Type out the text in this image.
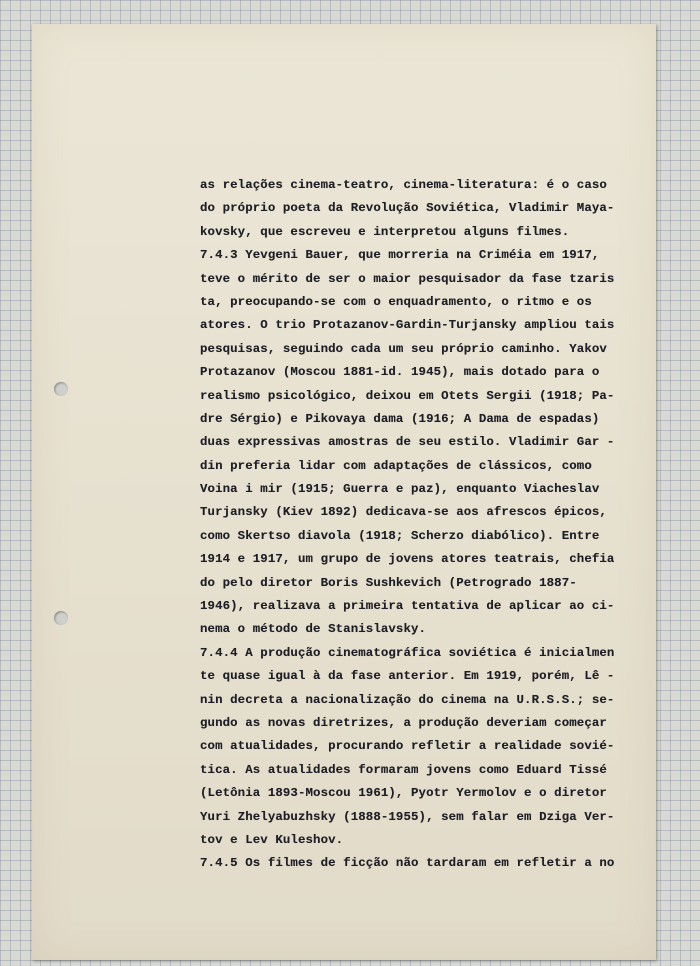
as relações cinema-teatro, cinema-literatura: é o caso
do próprio poeta da Revolução Soviética, Vladimir Maya-
kovsky, que escreveu e interpretou alguns filmes.
7.4.3 Yevgeni Bauer, que morreria na Criméia em 1917,
teve o mérito de ser o maior pesquisador da fase tzaris
ta, preocupando-se com o enquadramento, o ritmo e os
atores. O trio Protazanov-Gardin-Turjansky ampliou tais
pesquisas, seguindo cada um seu próprio caminho. Yakov
Protazanov (Moscou 1881-id. 1945), mais dotado para o
realismo psicológico, deixou em Otets Sergii (1918; Pa-
dre Sérgio) e Pikovaya dama (1916; A Dama de espadas)
duas expressivas amostras de seu estilo. Vladimir Gar -
din preferia lidar com adaptações de clássicos, como
Voina i mir (1915; Guerra e paz), enquanto Viacheslav
Turjansky (Kiev 1892) dedicava-se aos afrescos épicos,
como Skertso diavola (1918; Scherzo diabólico). Entre
1914 e 1917, um grupo de jovens atores teatrais, chefia
do pelo diretor Boris Sushkevich (Petrogrado 1887-
1946), realizava a primeira tentativa de aplicar ao ci-
nema o método de Stanislavsky.
7.4.4 A produção cinematográfica soviética é inicialmen
te quase igual à da fase anterior. Em 1919, porém, Lê -
nin decreta a nacionalização do cinema na U.R.S.S.; se-
gundo as novas diretrizes, a produção deveriam começar
com atualidades, procurando refletir a realidade sovié-
tica. As atualidades formaram jovens como Eduard Tissé
(Letônia 1893-Moscou 1961), Pyotr Yermolov e o diretor
Yuri Zhelyabuzhsky (1888-1955), sem falar em Dziga Ver-
tov e Lev Kuleshov.
7.4.5 Os filmes de ficção não tardaram em refletir a no
